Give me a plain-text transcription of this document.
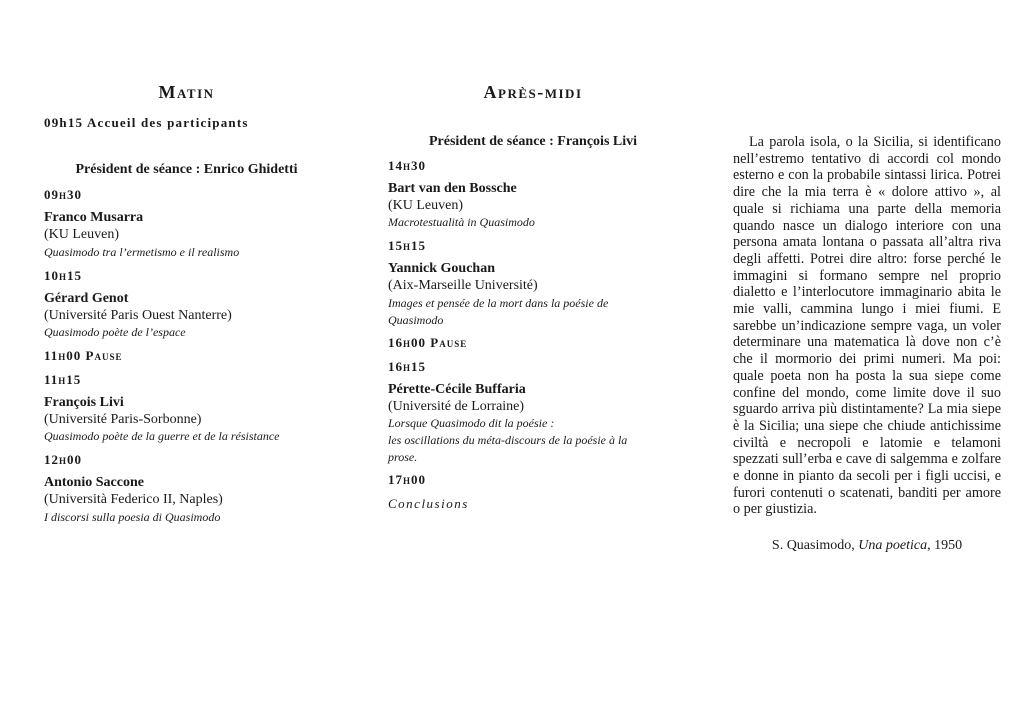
Matin
09h15 Accueil des participants
Président de séance : Enrico Ghidetti
09h30
Franco Musarra
(KU Leuven)
Quasimodo tra l’ermetismo e il realismo
10h15
Gérard Genot
(Université Paris Ouest Nanterre)
Quasimodo poète de l’espace
11h00 Pause
11h15
François Livi
(Université Paris-Sorbonne)
Quasimodo poète de la guerre et de la résistance
12h00
Antonio Saccone
(Università Federico II, Naples)
I discorsi sulla poesia di Quasimodo
Après-midi
Président de séance : François Livi
14h30
Bart van den Bossche
(KU Leuven)
Macrotestualità in Quasimodo
15h15
Yannick Gouchan
(Aix-Marseille Université)
Images et pensée de la mort dans la poésie de
Quasimodo
16h00 Pause
16h15
Pérette-Cécile Buffaria
(Université de Lorraine)
Lorsque Quasimodo dit la poésie :
les oscillations du méta-discours de la poésie à la
prose.
17h00
Conclusions

La parola isola, o la Sicilia, si identificano nell’estremo tentativo di accordi col mondo esterno e con la probabile sintassi lirica. Potrei dire che la mia terra è « dolore attivo », al quale si richiama una parte della memoria quando nasce un dialogo interiore con una persona amata lontana o passata all’altra riva degli affetti. Potrei dire altro: forse perché le immagini si formano sempre nel proprio dialetto e l’interlocutore immaginario abita le mie valli, cammina lungo i miei fiumi. E sarebbe un’indicazione sempre vaga, un voler determinare una matematica là dove non c’è che il mormorio dei primi numeri. Ma poi: quale poeta non ha posta la sua siepe come confine del mondo, come limite dove il suo sguardo arriva più distintamente? La mia siepe è la Sicilia; una siepe che chiude antichissime civiltà e necropoli e latomie e telamoni spezzati sull’erba e cave di salgemma e zolfare e donne in pianto da secoli per i figli uccisi, e furori contenuti o scatenati, banditi per amore o per giustizia.

S. Quasimodo, Una poetica, 1950
